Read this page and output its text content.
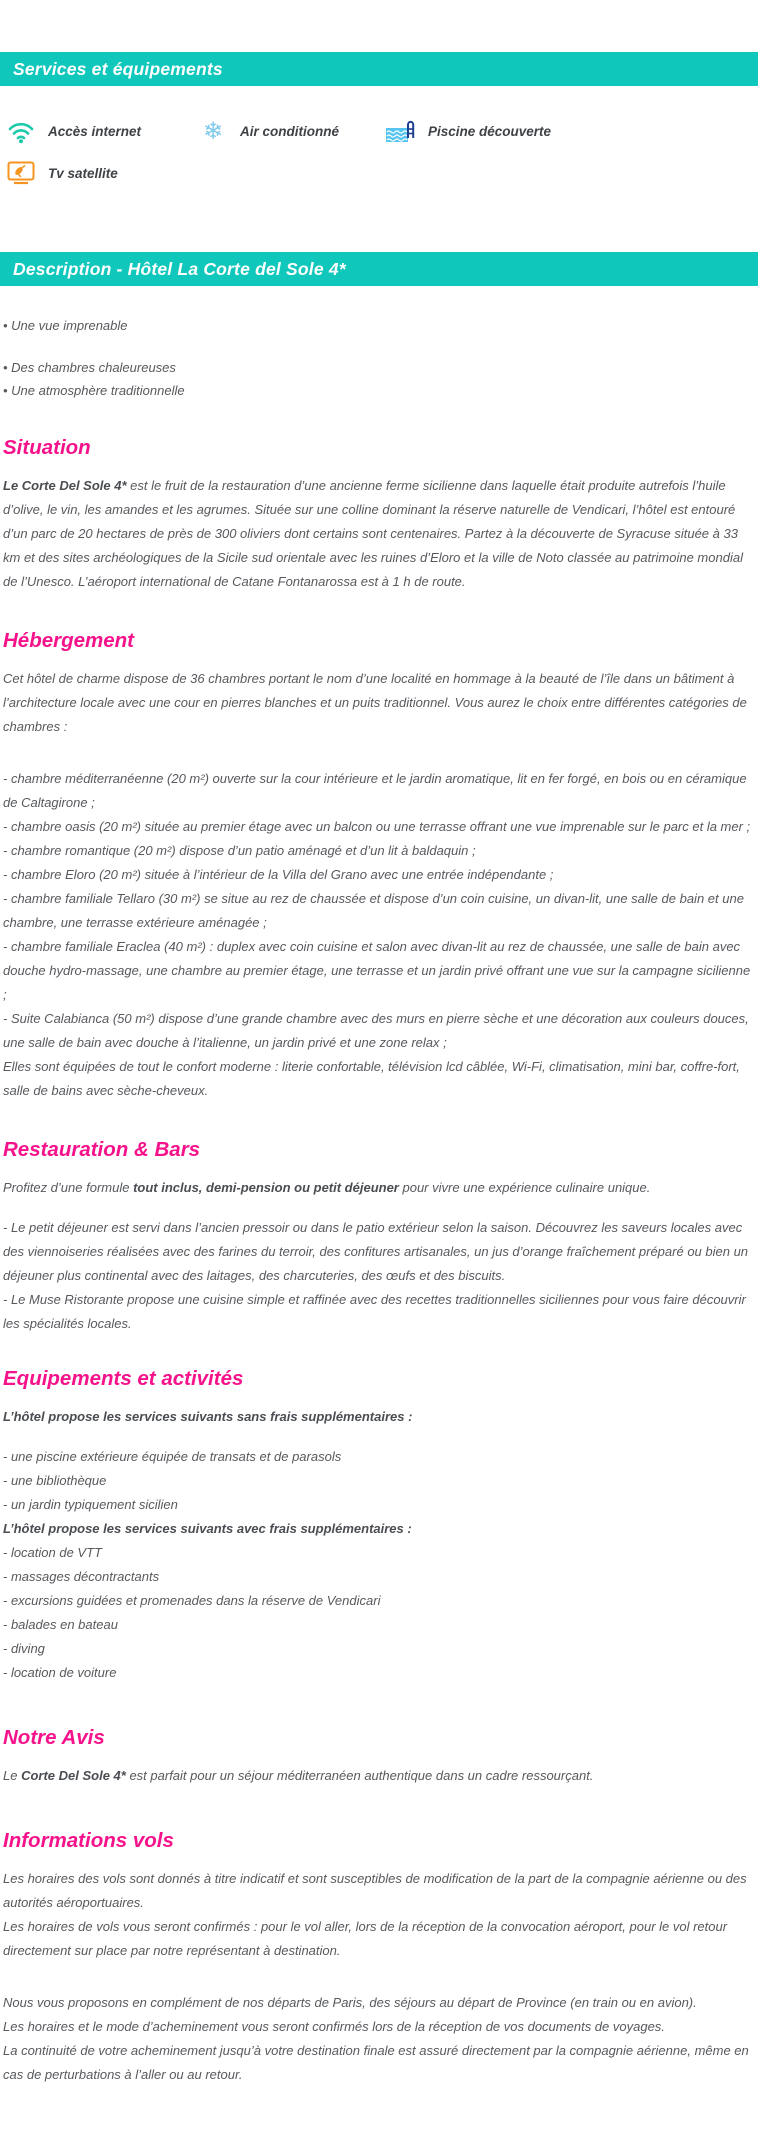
Services et équipements
Accès internet	❄	Air conditionné	Piscine découverte
Tv satellite
Description - Hôtel La Corte del Sole 4*
• Une vue imprenable
• Des chambres chaleureuses
• Une atmosphère traditionnelle
Situation

Le Corte Del Sole 4* est le fruit de la restauration d’une ancienne ferme sicilienne dans laquelle était produite autrefois l’huile d’olive, le vin, les amandes et les agrumes. Située sur une colline dominant la réserve naturelle de Vendicari, l’hôtel est entouré d’un parc de 20 hectares de près de 300 oliviers dont certains sont centenaires. Partez à la découverte de Syracuse située à 33 km et des sites archéologiques de la Sicile sud orientale avec les ruines d’Eloro et la ville de Noto classée au patrimoine mondial de l’Unesco. L’aéroport international de Catane Fontanarossa est à 1 h de route.

Hébergement

Cet hôtel de charme dispose de 36 chambres portant le nom d’une localité en hommage à la beauté de l’île dans un bâtiment à l’architecture locale avec une cour en pierres blanches et un puits traditionnel. Vous aurez le choix entre différentes catégories de chambres :

- chambre méditerranéenne (20 m²) ouverte sur la cour intérieure et le jardin aromatique, lit en fer forgé, en bois ou en céramique de Caltagirone ;
- chambre oasis (20 m²) située au premier étage avec un balcon ou une terrasse offrant une vue imprenable sur le parc et la mer ;
- chambre romantique (20 m²) dispose d’un patio aménagé et d’un lit à baldaquin ;
- chambre Eloro (20 m²) située à l’intérieur de la Villa del Grano avec une entrée indépendante ;
- chambre familiale Tellaro (30 m²) se situe au rez de chaussée et dispose d’un coin cuisine, un divan-lit, une salle de bain et une chambre, une terrasse extérieure aménagée ;
- chambre familiale Eraclea (40 m²) : duplex avec coin cuisine et salon avec divan-lit au rez de chaussée, une salle de bain avec douche hydro-massage, une chambre au premier étage, une terrasse et un jardin privé offrant une vue sur la campagne sicilienne ;
- Suite Calabianca (50 m²) dispose d’une grande chambre avec des murs en pierre sèche et une décoration aux couleurs douces, une salle de bain avec douche à l’italienne, un jardin privé et une zone relax ;
Elles sont équipées de tout le confort moderne : literie confortable, télévision lcd câblée, Wi-Fi, climatisation, mini bar, coffre-fort, salle de bains avec sèche-cheveux.
Restauration & Bars

Profitez d’une formule tout inclus, demi-pension ou petit déjeuner pour vivre une expérience culinaire unique.

- Le petit déjeuner est servi dans l’ancien pressoir ou dans le patio extérieur selon la saison. Découvrez les saveurs locales avec des viennoiseries réalisées avec des farines du terroir, des confitures artisanales, un jus d’orange fraîchement préparé ou bien un déjeuner plus continental avec des laitages, des charcuteries, des œufs et des biscuits.
- Le Muse Ristorante propose une cuisine simple et raffinée avec des recettes traditionnelles siciliennes pour vous faire découvrir les spécialités locales.
Equipements et activités

L’hôtel propose les services suivants sans frais supplémentaires :

- une piscine extérieure équipée de transats et de parasols
- une bibliothèque
- un jardin typiquement sicilien
L’hôtel propose les services suivants avec frais supplémentaires :
- location de VTT
- massages décontractants
- excursions guidées et promenades dans la réserve de Vendicari
- balades en bateau
- diving
- location de voiture
Notre Avis

Le Corte Del Sole 4* est parfait pour un séjour méditerranéen authentique dans un cadre ressourçant.

Informations vols
Les horaires des vols sont donnés à titre indicatif et sont susceptibles de modification de la part de la compagnie aérienne ou des autorités aéroportuaires.
Les horaires de vols vous seront confirmés : pour le vol aller, lors de la réception de la convocation aéroport, pour le vol retour directement sur place par notre représentant à destination.
Nous vous proposons en complément de nos départs de Paris, des séjours au départ de Province (en train ou en avion).
Les horaires et le mode d’acheminement vous seront confirmés lors de la réception de vos documents de voyages.
La continuité de votre acheminement jusqu’à votre destination finale est assuré directement par la compagnie aérienne, même en cas de perturbations à l’aller ou au retour.
